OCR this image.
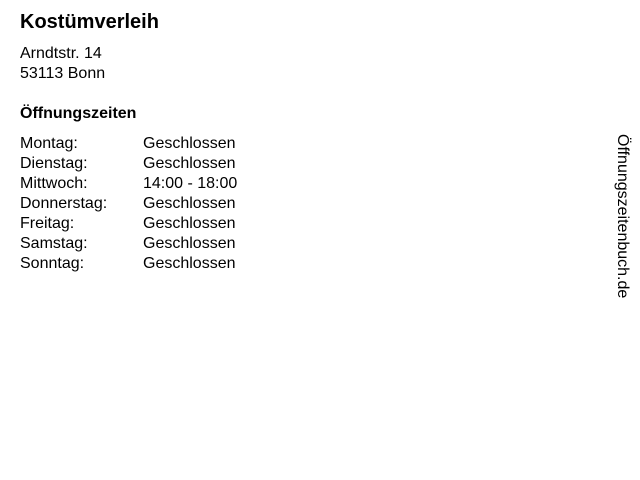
Kostümverleih
Arndtstr. 14
53113 Bonn
Öffnungszeiten
Montag:	Geschlossen
Dienstag:	Geschlossen
Mittwoch:	14:00 - 18:00
Donnerstag:	Geschlossen
Freitag:	Geschlossen
Samstag:	Geschlossen
Sonntag:	Geschlossen	Öffnungszeitenbuch.de
